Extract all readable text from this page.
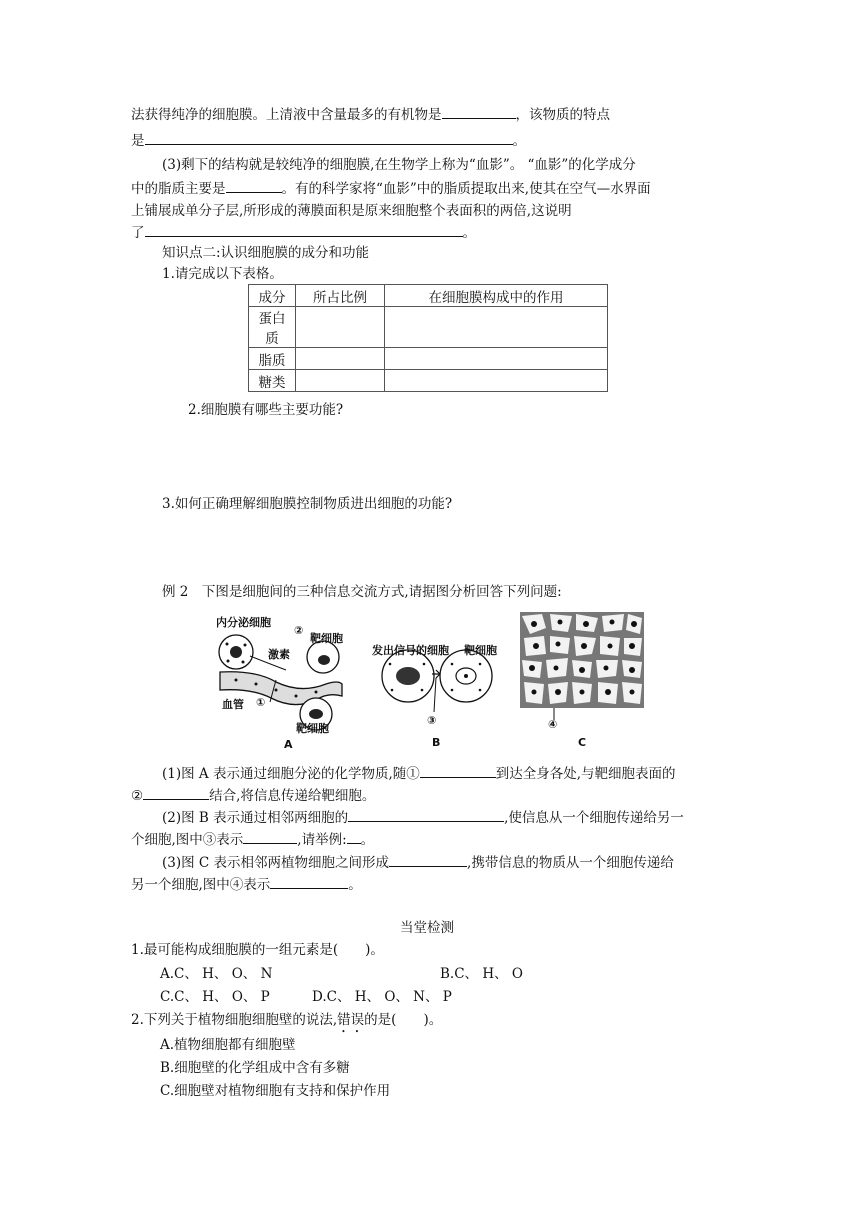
法获得纯净的细胞膜。上清液中含量最多的有机物是	，该物质的特点
是	。
(3)剩下的结构就是较纯净的细胞膜,在生物学上称为“血影”。 “血影”的化学成分
中的脂质主要是	。有的科学家将“血影”中的脂质提取出来,使其在空气—水界面
上铺展成单分子层,所形成的薄膜面积是原来细胞整个表面积的两倍,这说明
了	。
知识点二:认识细胞膜的成分和功能
1.请完成以下表格。
成分	所占比例	在细胞膜构成中的作用
蛋白质		
脂质		
糖类		
2.细胞膜有哪些主要功能?
3.如何正确理解细胞膜控制物质进出细胞的功能?
例 2　下图是细胞间的三种信息交流方式,请据图分析回答下列问题:
内分泌细胞
②
靶细胞
激素
血管 ①
靶细胞
A
发出信号的细胞 靶细胞
③
B
④
C
(1)图 A 表示通过细胞分泌的化学物质,随①	到达全身各处,与靶细胞表面的
②	结合,将信息传递给靶细胞。
(2)图 B 表示通过相邻两细胞的	,使信息从一个细胞传递给另一
个细胞,图中③表示	,请举例: 。
(3)图 C 表示相邻两植物细胞之间形成	,携带信息的物质从一个细胞传递给
另一个细胞,图中④表示	。
当堂检测
1.最可能构成细胞膜的一组元素是(　　)。
A.C、 H、 O、 N	B.C、 H、 O
C.C、 H、 O、 P	D.C、 H、 O、 N、 P
2.下列关于植物细胞细胞壁的说法,错误的是(　　)。
A.植物细胞都有细胞壁
B.细胞壁的化学组成中含有多糖
C.细胞壁对植物细胞有支持和保护作用
